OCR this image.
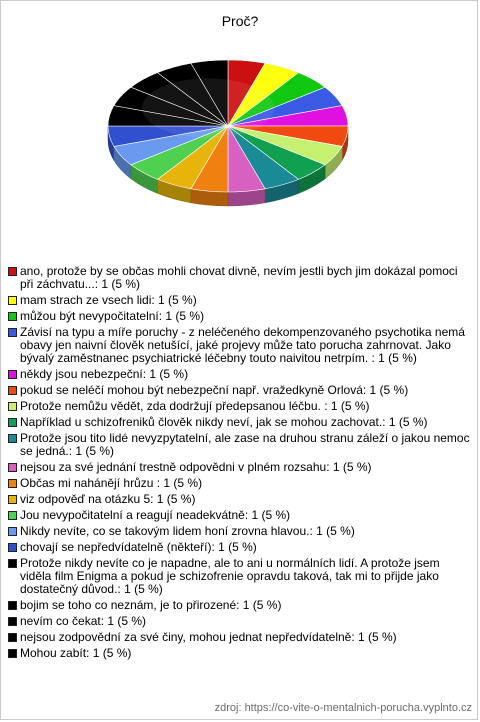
Proč?
ano, protože by se občas mohli chovat divně, nevím jestli bych jim dokázal pomoci při záchvatu...: 1 (5 %)
mam strach ze vsech lidi: 1 (5 %)
můžou být nevypočitatelní: 1 (5 %)
Závisí na typu a míře poruchy - z neléčeného dekompenzovaného psychotika nemá obavy jen naivní člověk netušící, jaké projevy může tato porucha zahrnovat. Jako bývalý zaměstnanec psychiatrické léčebny touto naivitou netrpím. : 1 (5 %)
někdy jsou nebezpeční: 1 (5 %)
pokud se neléčí mohou být nebezpeční např. vražedkyně Orlová: 1 (5 %)
Protože nemůžu vědět, zda dodržují předepsanou léčbu. : 1 (5 %)
Například u schizofreniků člověk nikdy neví, jak se mohou zachovat.: 1 (5 %)
Protože jsou tito lidé nevyzpytatelní, ale zase na druhou stranu záleží o jakou nemoc se jedná.: 1 (5 %)
nejsou za své jednání trestně odpovědni v plném rozsahu: 1 (5 %)
Občas mi nahánějí hrůzu : 1 (5 %)
viz odpověď na otázku 5: 1 (5 %)
Jou nevypočitatelní a reagují neadekvátně: 1 (5 %)
Nikdy nevíte, co se takovým lidem honí zrovna hlavou.: 1 (5 %)
chovají se nepředvídatelně (někteří): 1 (5 %)
Protože nikdy nevíte co je napadne, ale to ani u normálních lidí. A protože jsem viděla film Enigma a pokud je schizofrenie opravdu taková, tak mi to přijde jako dostatečný důvod.: 1 (5 %)
bojim se toho co neznám, je to přirozené: 1 (5 %)
nevím co čekat: 1 (5 %)
nejsou zodpovědní za své činy, mohou jednat nepředvídatelně: 1 (5 %)
Mohou zabít: 1 (5 %)
zdroj: https://co-vite-o-mentalnich-porucha.vyplnto.cz
